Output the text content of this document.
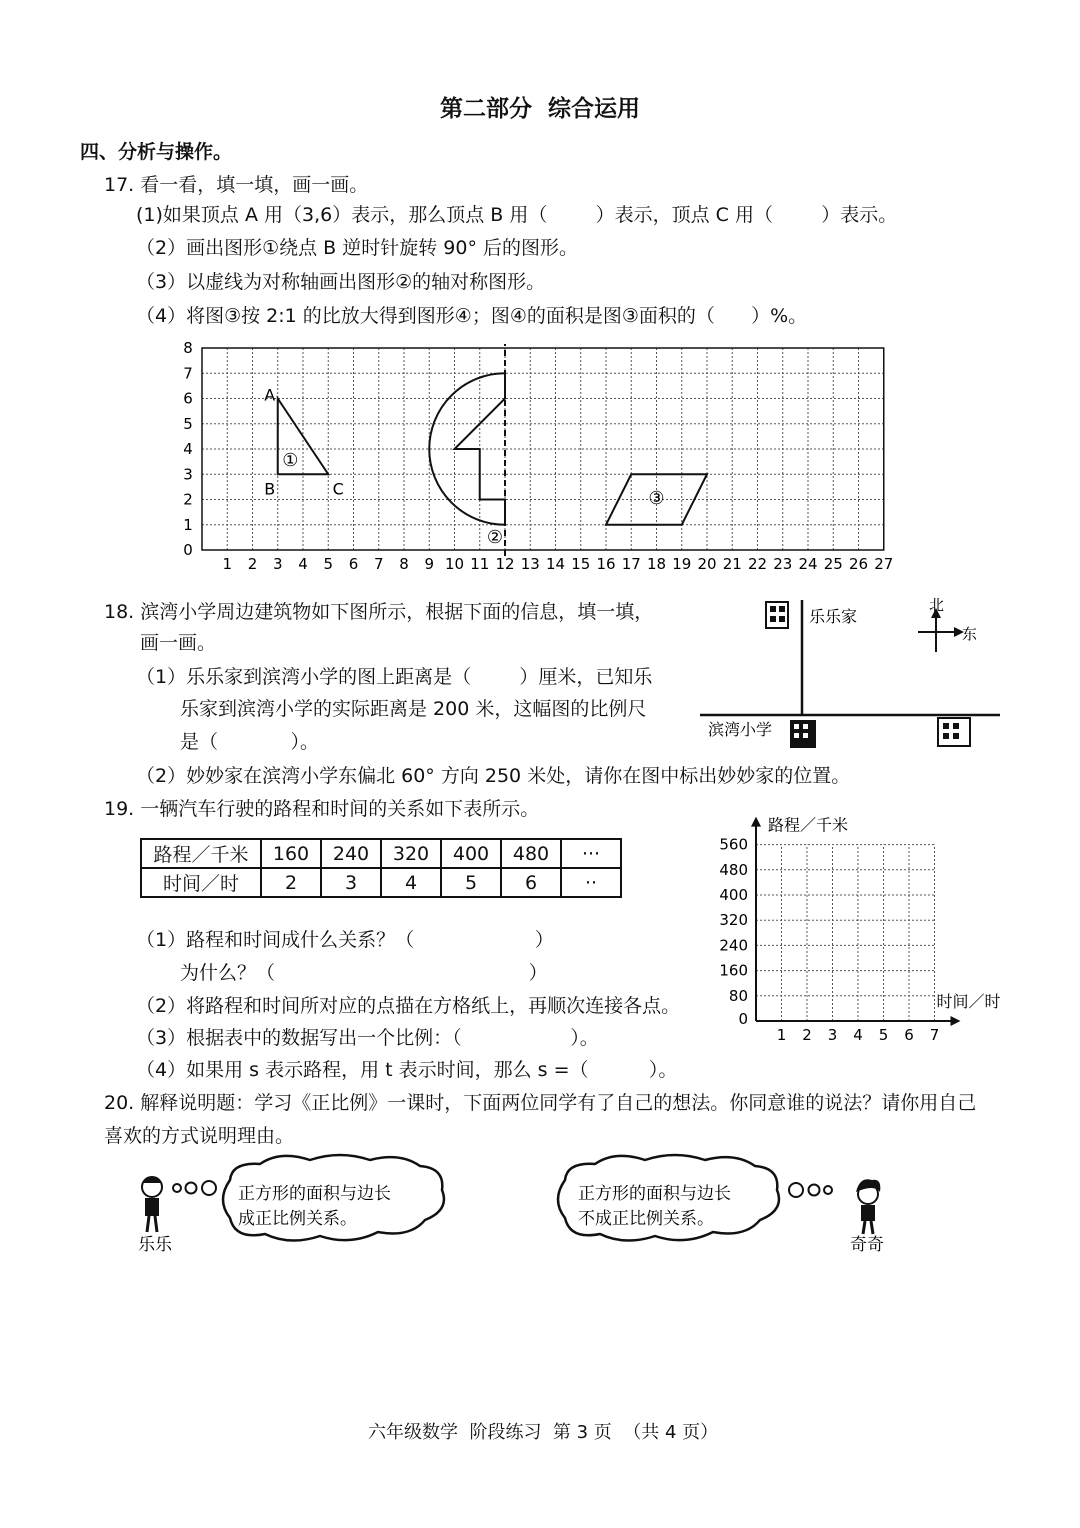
第二部分  综合运用
四、分析与操作。
17. 看一看，填一填，画一画。
(1)如果顶点 A 用（3,6）表示，那么顶点 B 用（        ）表示，顶点 C 用（        ）表示。
（2）画出图形①绕点 B 逆时针旋转 90° 后的图形。
（3）以虚线为对称轴画出图形②的轴对称图形。
（4）将图③按 2:1 的比放大得到图形④；图④的面积是图③面积的（      ）%。
1 2 3 4 5 6 7 8 9 10 11 12 13 14 15 16 17 18 19 20 21 22 23 24 25 26 27
0
1
2
3
4
5
6
7
8
A
B	C
①
②
③
18. 滨湾小学周边建筑物如下图所示，根据下面的信息，填一填，
画一画。
（1）乐乐家到滨湾小学的图上距离是（        ）厘米，已知乐
乐家到滨湾小学的实际距离是 200 米，这幅图的比例尺
是（            ）。
（2）妙妙家在滨湾小学东偏北 60° 方向 250 米处，请你在图中标出妙妙家的位置。
乐乐家
滨湾小学
北
东
19. 一辆汽车行驶的路程和时间的关系如下表所示。
路程／千米	160	240	320	400	480	···
时间／时	2	3	4	5	6	··
（1）路程和时间成什么关系？（                    ）
为什么？（                                          ）
（2）将路程和时间所对应的点描在方格纸上，再顺次连接各点。
（3）根据表中的数据写出一个比例：（                  ）。
（4）如果用 s 表示路程，用 t 表示时间，那么 s =（          ）。
0
80
160
240
320
400
480
560
1 2 3 4 5 6 7
路程／千米
时间／时
20. 解释说明题：学习《正比例》一课时，下面两位同学有了自己的想法。你同意谁的说法？请你用自己
喜欢的方式说明理由。
乐乐
正方形的面积与边长
成正比例关系。
正方形的面积与边长
不成正比例关系。
奇奇
六年级数学  阶段练习  第 3 页  （共 4 页）
